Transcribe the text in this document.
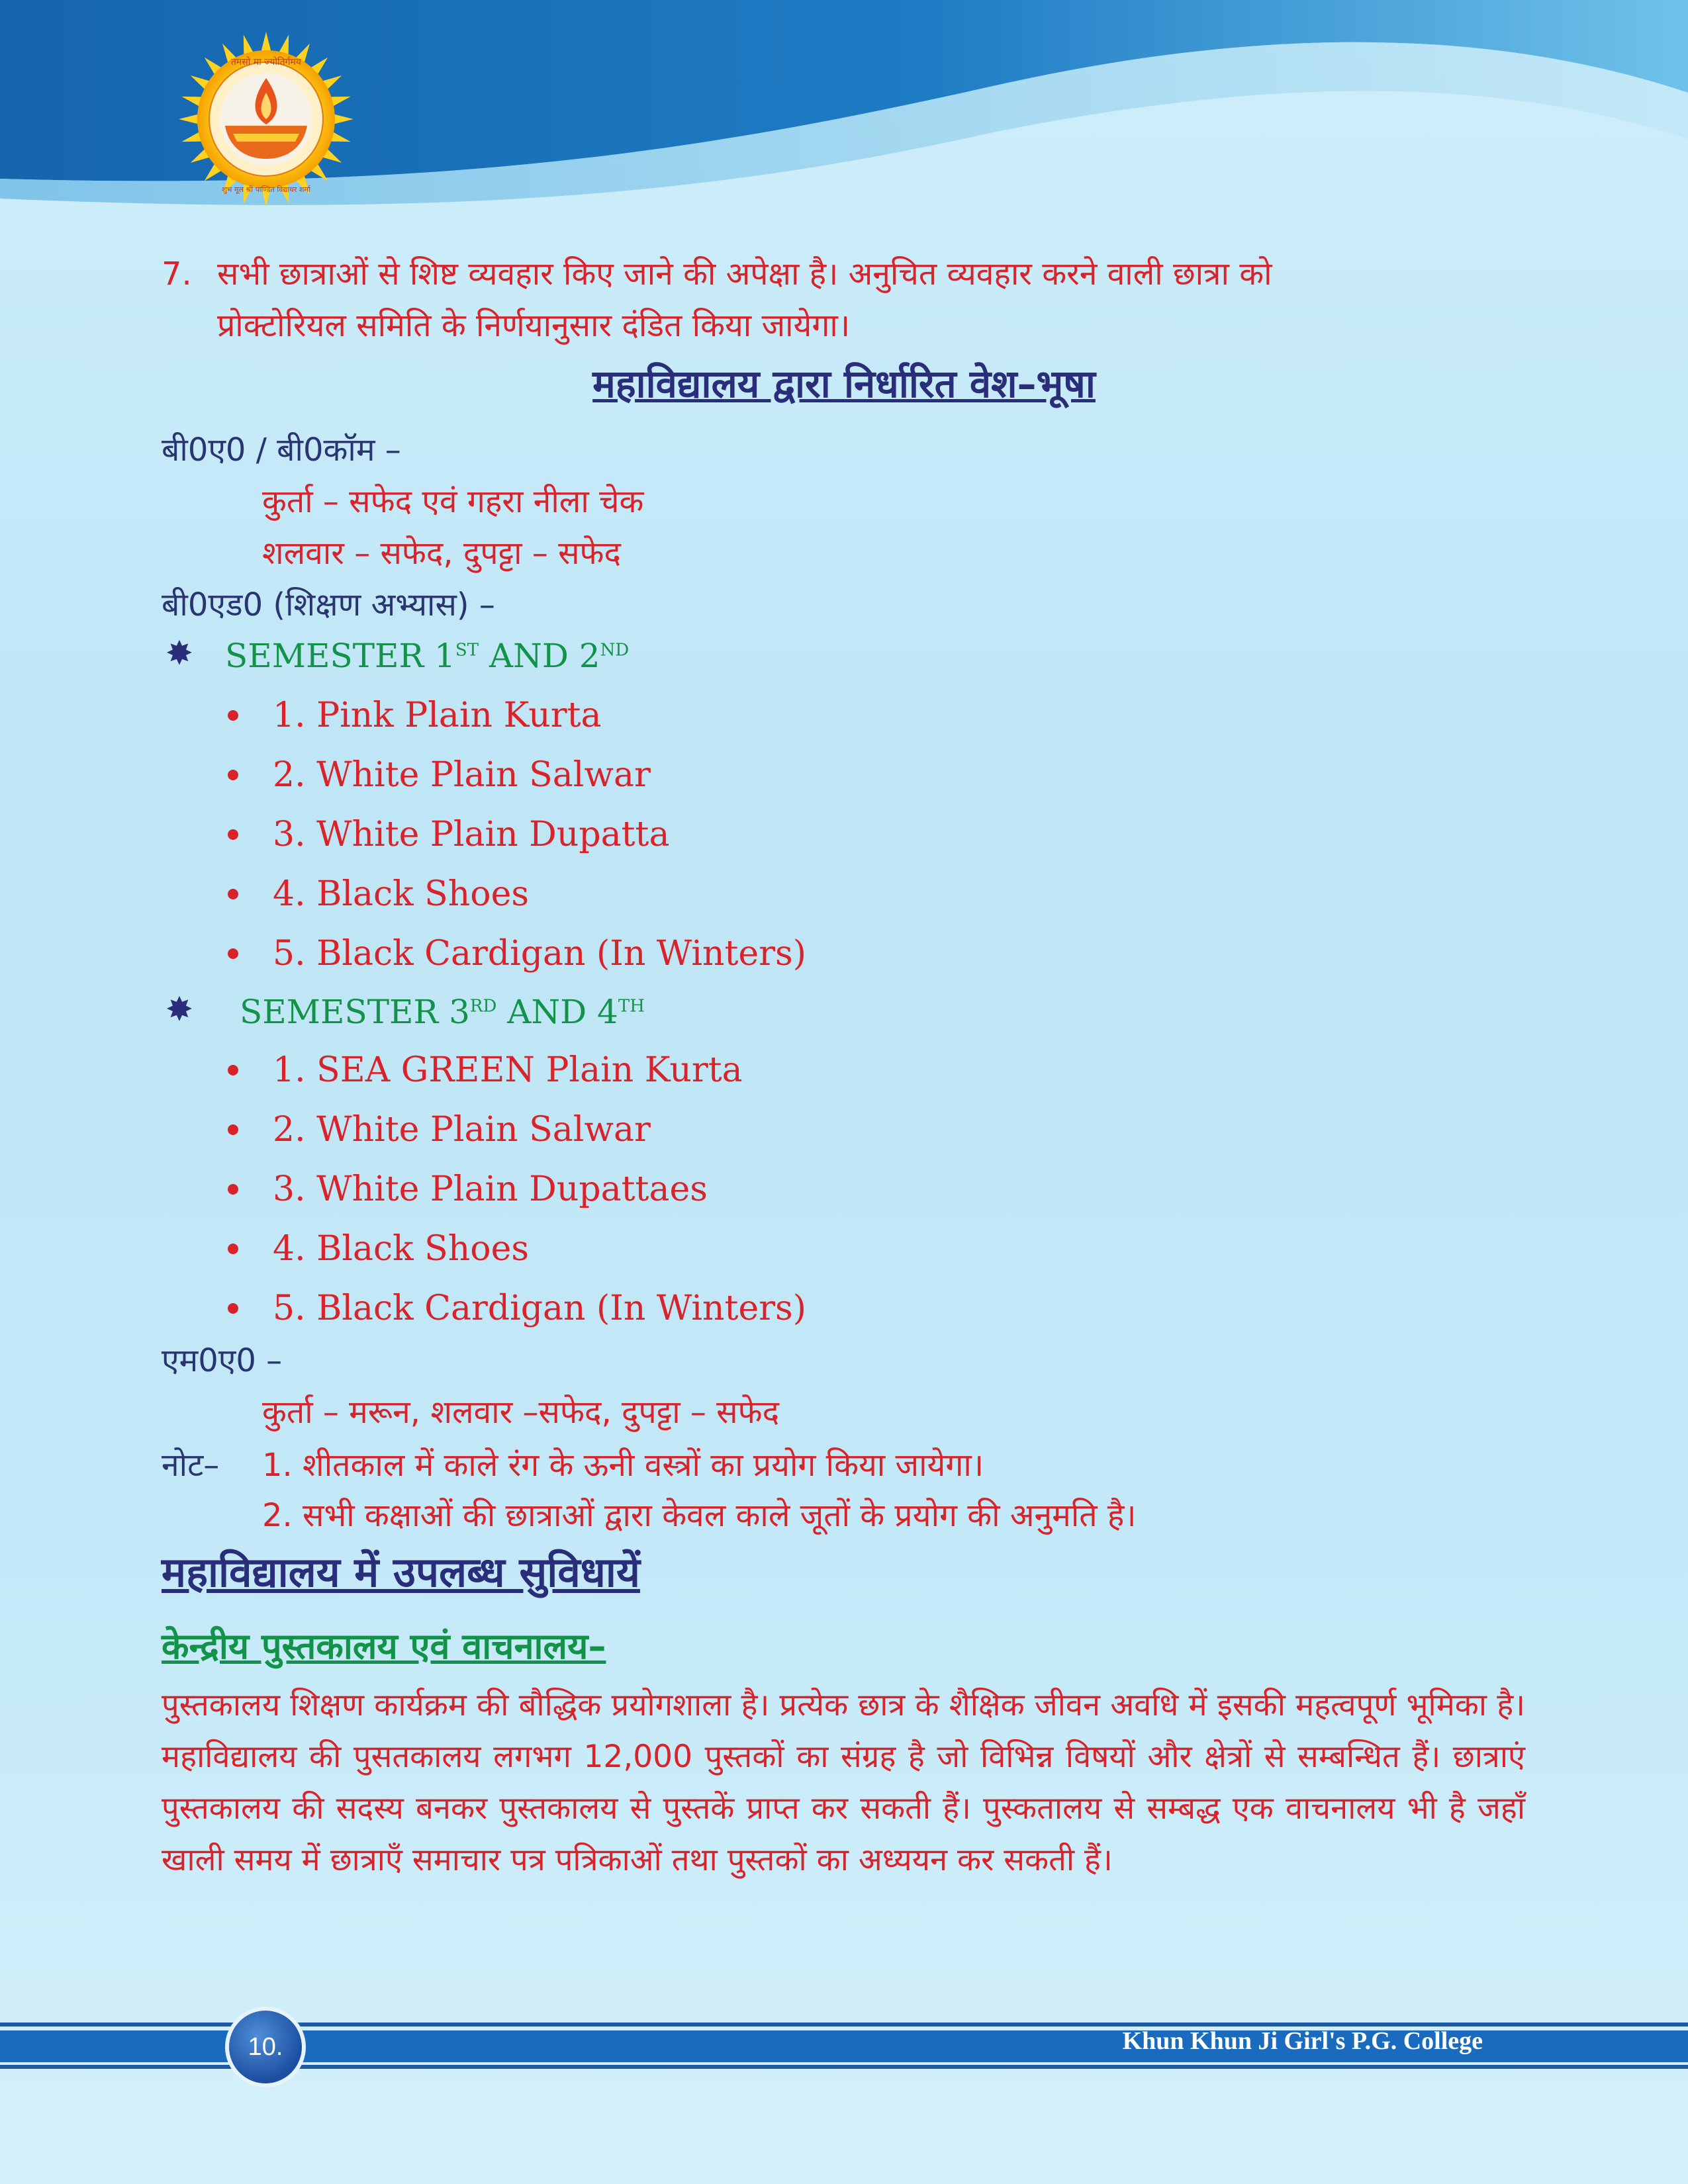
तमसो मा ज्योतिर्गमय
शुभ मूल श्री पाण्डित विद्याधर शर्मा
7. सभी छात्राओं से शिष्ट व्यवहार किए जाने की अपेक्षा है। अनुचित व्यवहार करने वाली छात्रा को
प्रोक्टोरियल समिति के निर्णयानुसार दंडित किया जायेगा।
महाविद्यालय द्वारा निर्धारित वेश–भूषा
बी0ए0 / बी0कॉम –
कुर्ता – सफेद एवं गहरा नीला चेक
शलवार – सफेद, दुपट्टा – सफेद
बी0एड0 (शिक्षण अभ्यास) –
✸ SEMESTER 1ST AND 2ND
1. Pink Plain Kurta
2. White Plain Salwar
3. White Plain Dupatta
4. Black Shoes
5. Black Cardigan (In Winters)
✸ SEMESTER 3RD AND 4TH
1. SEA GREEN Plain Kurta
2. White Plain Salwar
3. White Plain Dupattaes
4. Black Shoes
5. Black Cardigan (In Winters)
एम0ए0 –
कुर्ता – मरून, शलवार –सफेद, दुपट्टा – सफेद
नोट– 1. शीतकाल में काले रंग के ऊनी वस्त्रों का प्रयोग किया जायेगा।
2. सभी कक्षाओं की छात्राओं द्वारा केवल काले जूतों के प्रयोग की अनुमति है।
महाविद्यालय में उपलब्ध सुविधायें
केन्द्रीय पुस्तकालय एवं वाचनालय–
पुस्तकालय शिक्षण कार्यक्रम की बौद्धिक प्रयोगशाला है। प्रत्येक छात्र के शैक्षिक जीवन अवधि में इसकी महत्वपूर्ण भूमिका है। महाविद्यालय की पुसतकालय लगभग 12,000 पुस्तकों का संग्रह है जो विभिन्न विषयों और क्षेत्रों से सम्बन्धित हैं। छात्राएं पुस्तकालय की सदस्य बनकर पुस्तकालय से पुस्तकें प्राप्त कर सकती हैं। पुस्कतालय से सम्बद्ध एक वाचनालय भी है जहाँ खाली समय में छात्राएँ समाचार पत्र पत्रिकाओं तथा पुस्तकों का अध्ययन कर सकती हैं।
10.	Khun Khun Ji Girl's P.G. College
